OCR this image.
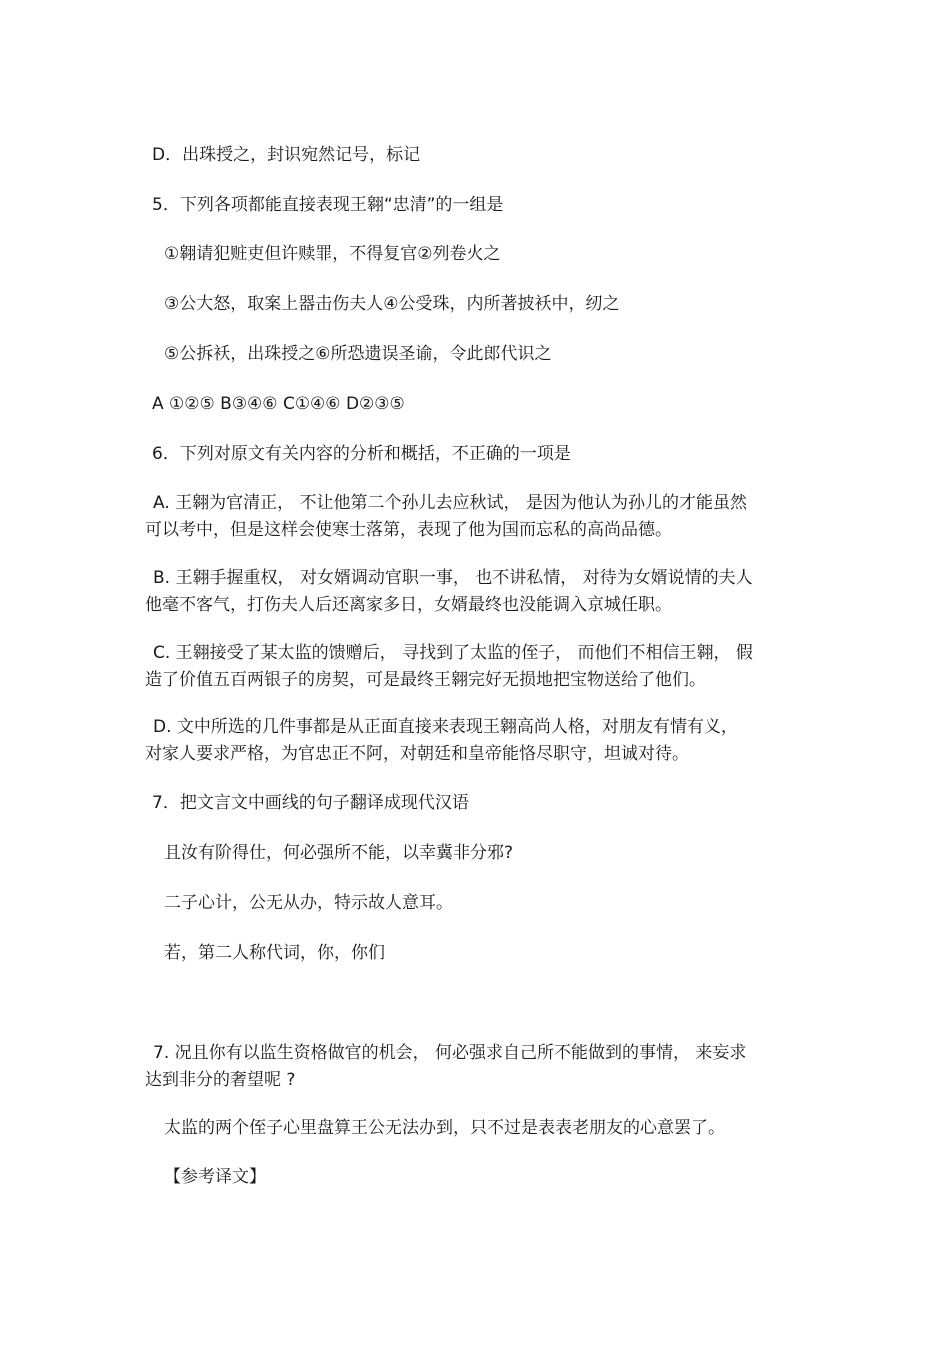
D．出珠授之，封识宛然记号，标记
5．下列各项都能直接表现王翱“忠清”的一组是
①翱请犯赃吏但许赎罪，不得复官②列卷火之
③公大怒，取案上器击伤夫人④公受珠，内所著披袄中，纫之
⑤公拆袄，出珠授之⑥所恐遗误圣谕，令此郎代识之
A ①②⑤ B③④⑥ C①④⑥ D②③⑤
6．下列对原文有关内容的分析和概括，不正确的一项是
A. 王翱为官清正， 不让他第二个孙儿去应秋试， 是因为他认为孙儿的才能虽然
可以考中，但是这样会使寒士落第，表现了他为国而忘私的高尚品德。
B. 王翱手握重权， 对女婿调动官职一事， 也不讲私情， 对待为女婿说情的夫人
他毫不客气，打伤夫人后还离家多日，女婿最终也没能调入京城任职。
C. 王翱接受了某太监的馈赠后， 寻找到了太监的侄子， 而他们不相信王翱， 假
造了价值五百两银子的房契，可是最终王翱完好无损地把宝物送给了他们。
D. 文中所选的几件事都是从正面直接来表现王翱高尚人格，对朋友有情有义，
对家人要求严格，为官忠正不阿，对朝廷和皇帝能恪尽职守，坦诚对待。
7．把文言文中画线的句子翻译成现代汉语
且汝有阶得仕，何必强所不能，以幸冀非分邪?
二子心计，公无从办，特示故人意耳。
若，第二人称代词，你，你们
7. 况且你有以监生资格做官的机会， 何必强求自己所不能做到的事情， 来妄求
达到非分的奢望呢 ?
太监的两个侄子心里盘算王公无法办到，只不过是表表老朋友的心意罢了。
【参考译文】
